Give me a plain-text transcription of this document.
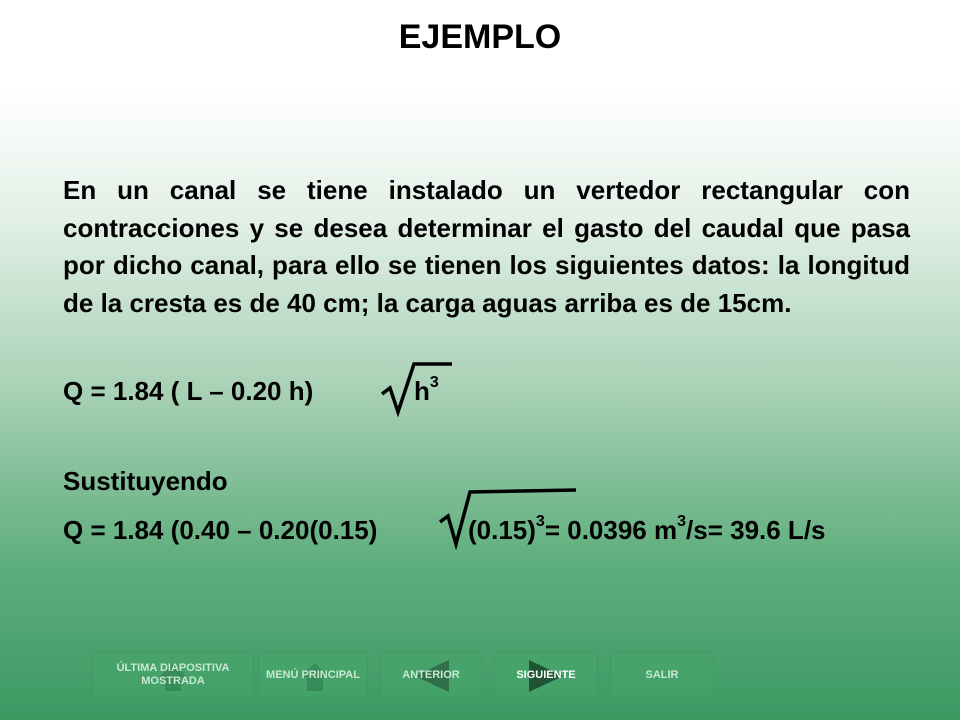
EJEMPLO
En un canal se tiene instalado un vertedor rectangular con contracciones y se desea determinar el gasto del caudal que pasa por dicho canal, para ello se tienen los siguientes datos: la longitud de la cresta es de 40 cm; la carga aguas arriba es de 15cm.
Q = 1.84 ( L – 0.20 h)	$h^3$
Sustituyendo
Q = 1.84 (0.40 – 0.20(0.15)	$(0.15)^3= 0.0396$ $m^3/s= 39.6$ L/s
ÚLTIMA DIAPOSITIVA MOSTRADA
MENÚ PRINCIPAL	ANTERIOR	SIGUIENTE	SALIR
